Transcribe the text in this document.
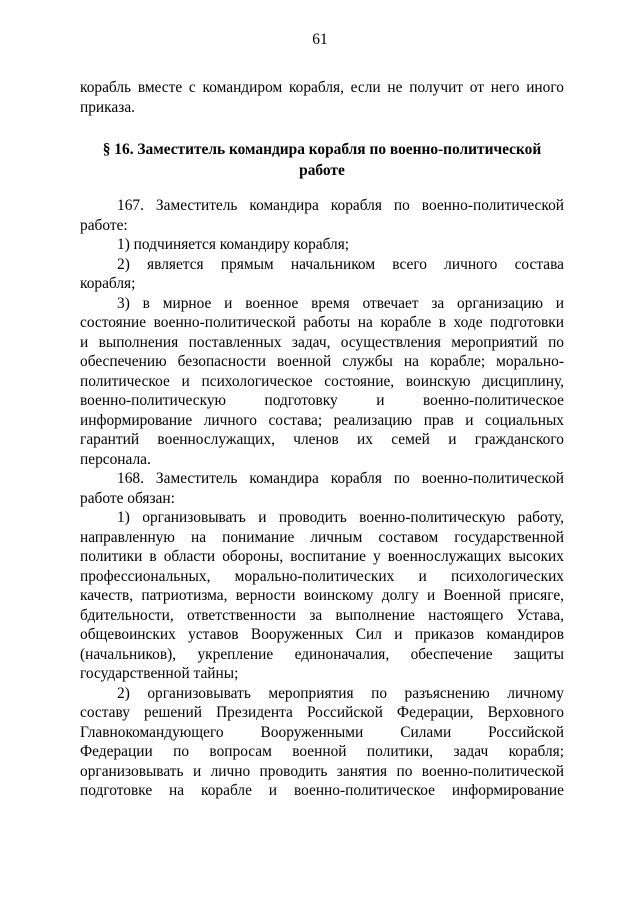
61
корабль вместе с командиром корабля, если не получит от него иного
приказа.
§ 16. Заместитель командира корабля по военно-политической
работе
167. Заместитель командира корабля по военно-политической
работе:
1) подчиняется командиру корабля;
2) является прямым начальником всего личного состава
корабля;
3) в мирное и военное время отвечает за организацию и
состояние военно-политической работы на корабле в ходе подготовки
и выполнения поставленных задач, осуществления мероприятий по
обеспечению безопасности военной службы на корабле; морально-
политическое и психологическое состояние, воинскую дисциплину,
военно-политическую подготовку и военно-политическое
информирование личного состава; реализацию прав и социальных
гарантий военнослужащих, членов их семей и гражданского
персонала.
168. Заместитель командира корабля по военно-политической
работе обязан:
1) организовывать и проводить военно-политическую работу,
направленную на понимание личным составом государственной
политики в области обороны, воспитание у военнослужащих высоких
профессиональных, морально-политических и психологических
качеств, патриотизма, верности воинскому долгу и Военной присяге,
бдительности, ответственности за выполнение настоящего Устава,
общевоинских уставов Вооруженных Сил и приказов командиров
(начальников), укрепление единоначалия, обеспечение защиты
государственной тайны;
2) организовывать мероприятия по разъяснению личному
составу решений Президента Российской Федерации, Верховного
Главнокомандующего Вооруженными Силами Российской
Федерации по вопросам военной политики, задач корабля;
организовывать и лично проводить занятия по военно-политической
подготовке на корабле и военно-политическое информирование
